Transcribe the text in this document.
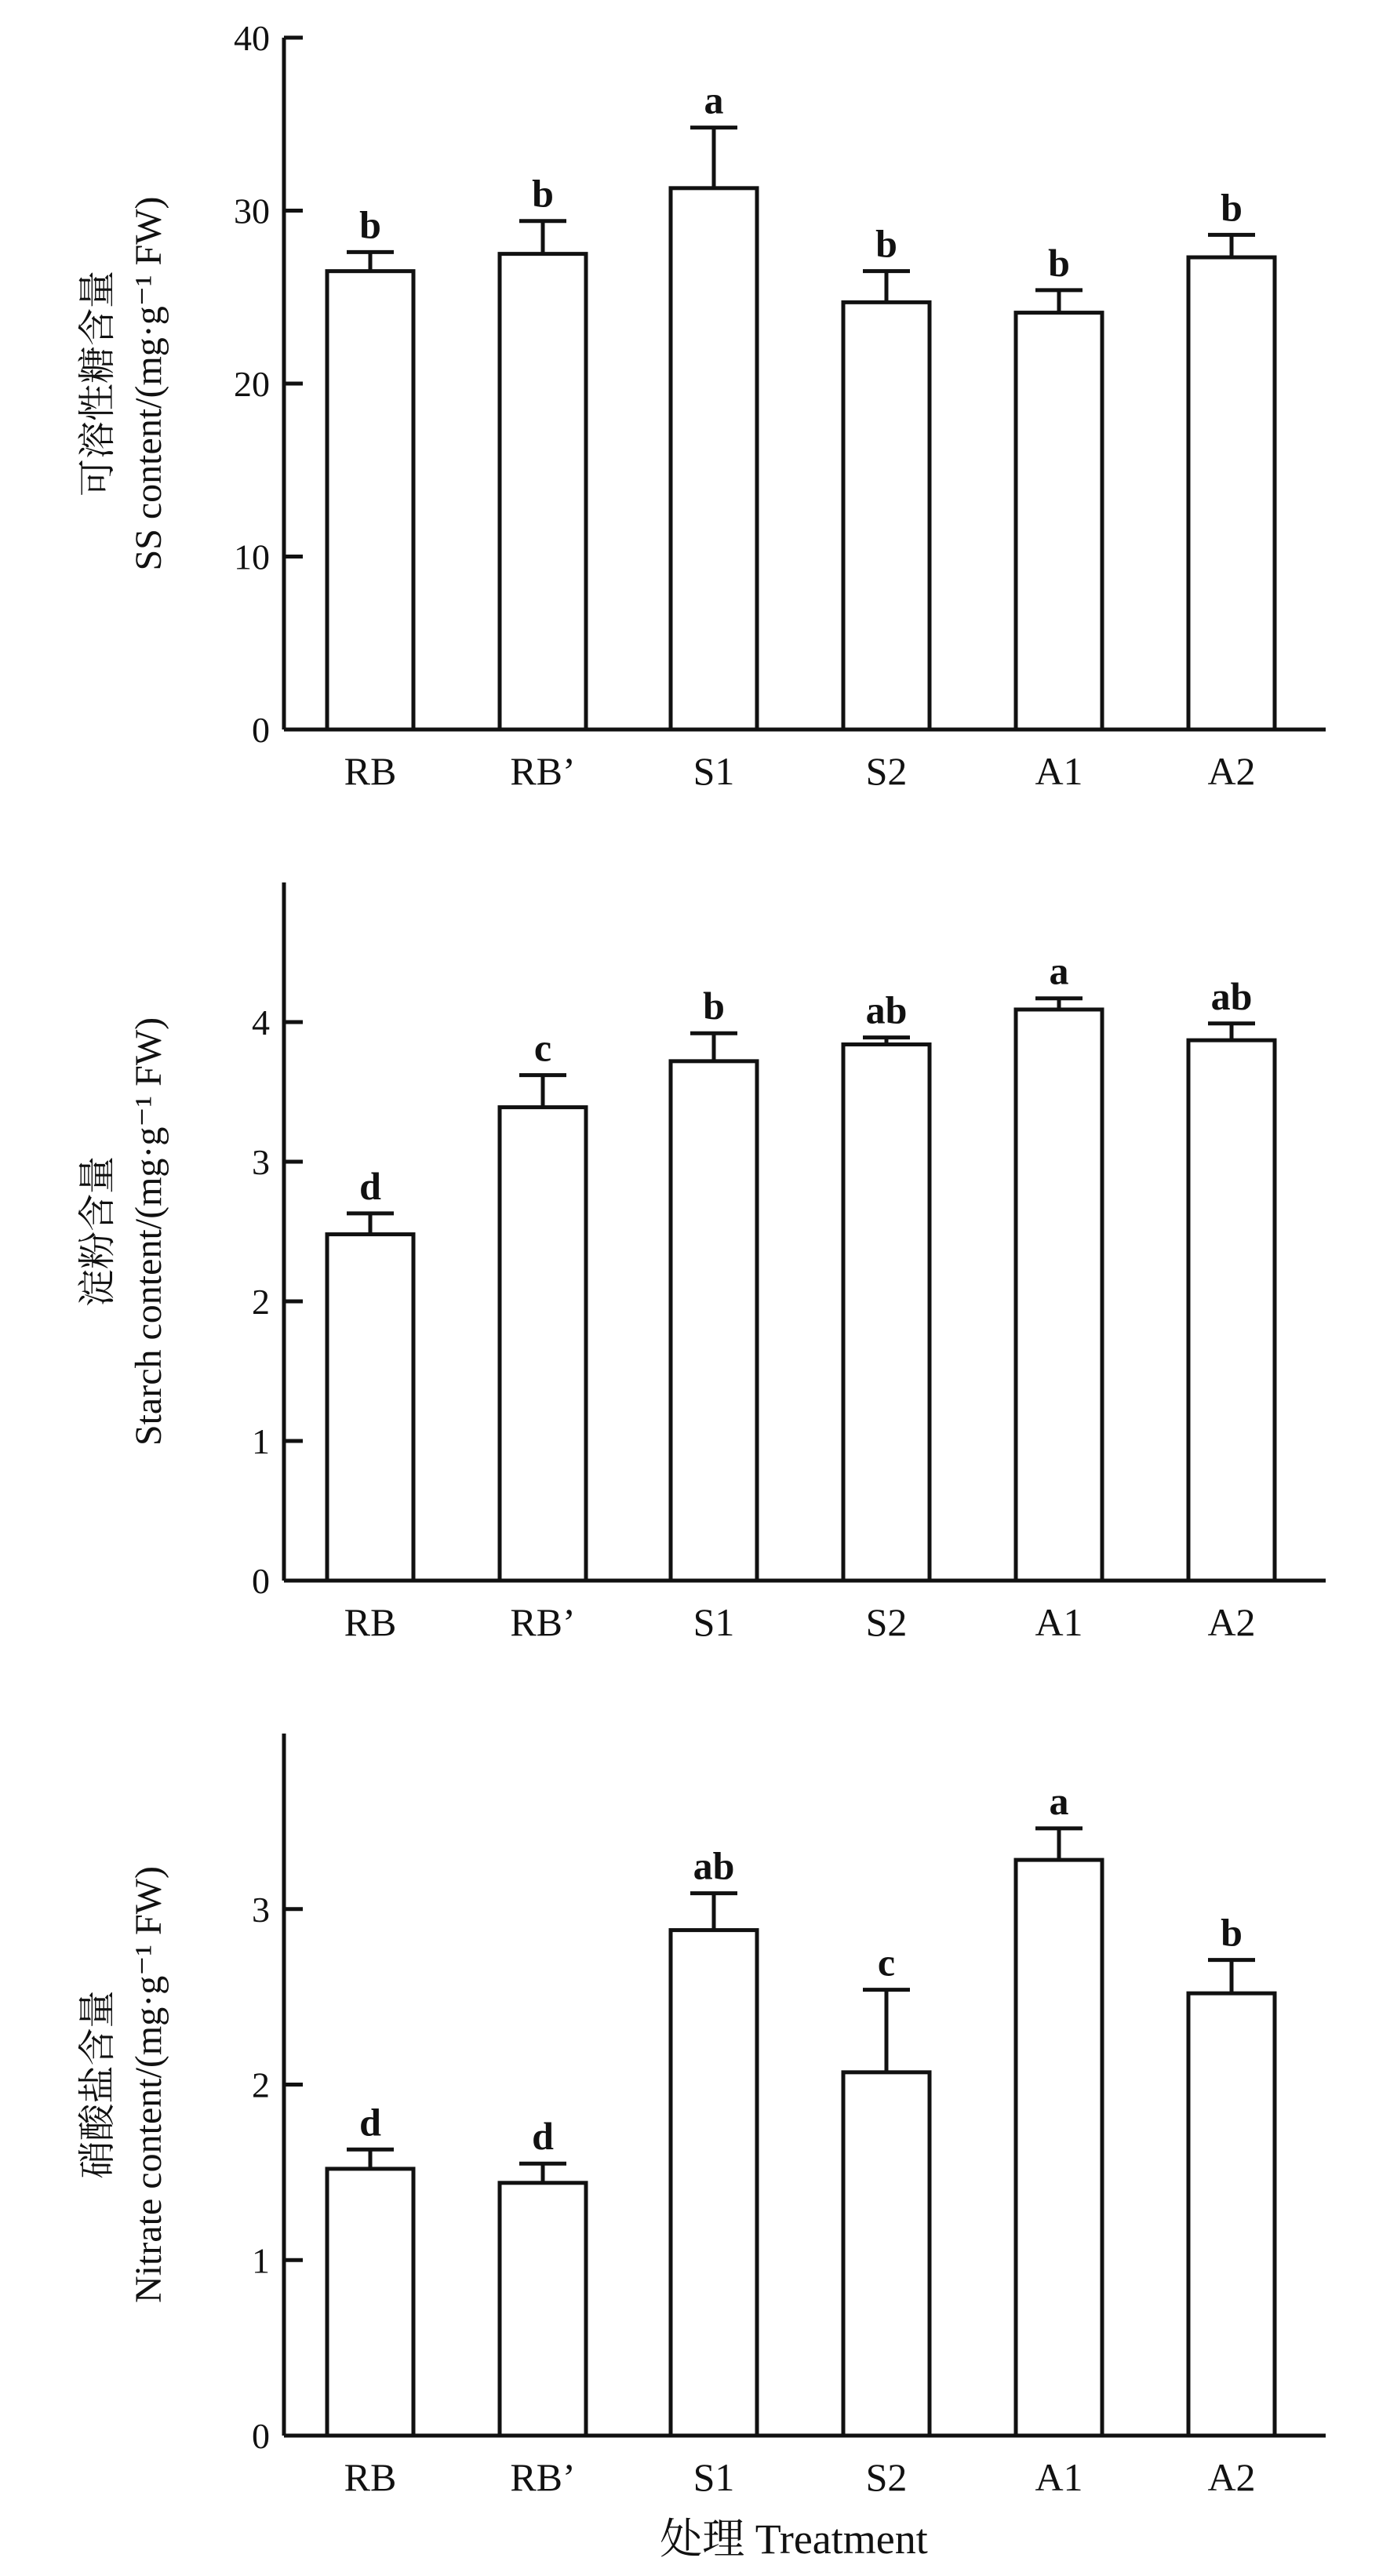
0
10
20
30
40
b
RB
b
RB’
a
S1
b
S2
b
A1
b
A2
可溶性糖含量 SS content/(mg·g⁻¹ FW)
0
1
2
3
4
d
RB
c
RB’
b
S1
ab
S2
a
A1
ab
A2
淀粉含量 Starch content/(mg·g⁻¹ FW)
0
1
2
3
d
RB
d
RB’
ab
S1
c
S2
a
A1
b
A2
硝酸盐含量 Nitrate content/(mg·g⁻¹ FW)
处理 Treatment
